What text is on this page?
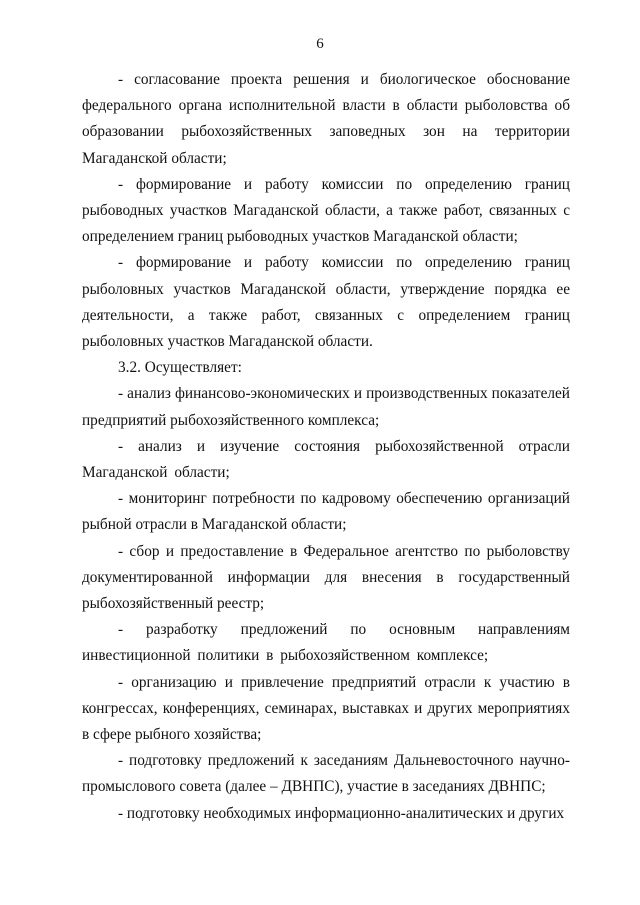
6

- согласование проекта решения и биологическое обоснование федерального органа исполнительной власти в области рыболовства об образовании рыбохозяйственных заповедных зон на территории Магаданской области;

- формирование и работу комиссии по определению границ рыбоводных участков Магаданской области, а также работ, связанных с определением границ рыбоводных участков Магаданской области;

- формирование и работу комиссии по определению границ рыболовных участков Магаданской области, утверждение порядка ее деятельности, а также работ, связанных с определением границ рыболовных участков Магаданской области.

3.2. Осуществляет:

- анализ финансово-экономических и производственных показателей предприятий рыбохозяйственного комплекса;

- анализ и изучение состояния рыбохозяйственной отрасли Магаданской области;

- мониторинг потребности по кадровому обеспечению организаций рыбной отрасли в Магаданской области;

- сбор и предоставление в Федеральное агентство по рыболовству документированной информации для внесения в государственный рыбохозяйственный реестр;

- разработку предложений по основным направлениям инвестиционной политики в рыбохозяйственном комплексе;

- организацию и привлечение предприятий отрасли к участию в конгрессах, конференциях, семинарах, выставках и других мероприятиях в сфере рыбного хозяйства;

- подготовку предложений к заседаниям Дальневосточного научно-промыслового совета (далее – ДВНПС), участие в заседаниях ДВНПС;

- подготовку необходимых информационно-аналитических и других
